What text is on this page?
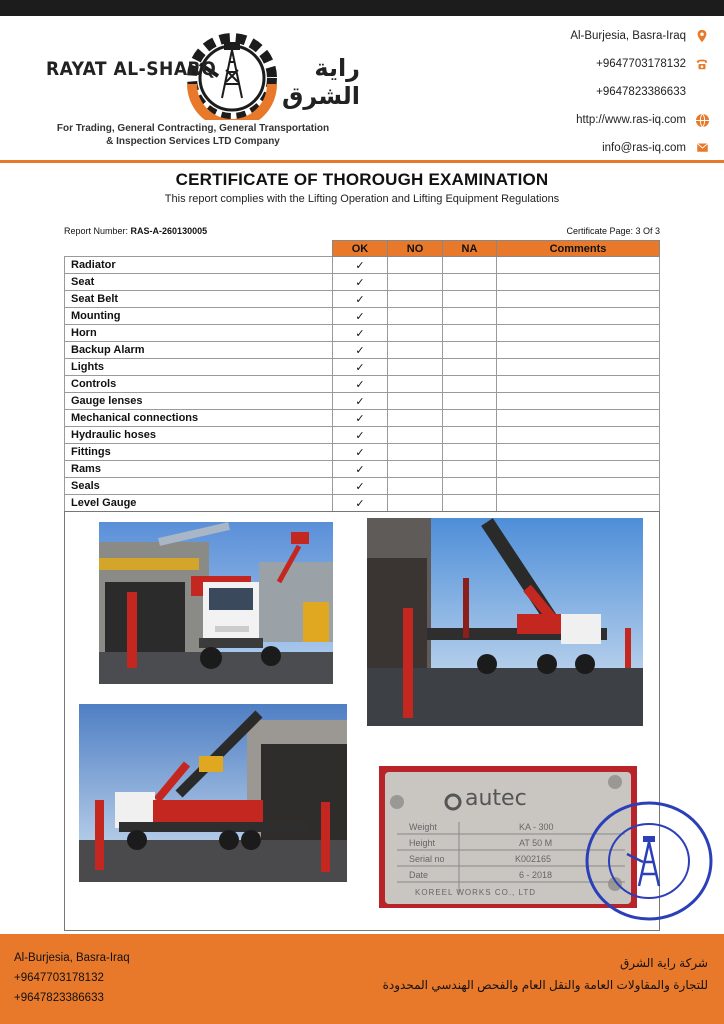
RAYAT AL-SHARQ	راية الشرق
For Trading, General Contracting, General Transportation
& Inspection Services LTD Company
Al-Burjesia, Basra-Iraq
+9647703178132
+9647823386633
http://www.ras-iq.com
info@ras-iq.com
CERTIFICATE OF THOROUGH EXAMINATION
This report complies with the Lifting Operation and Lifting Equipment Regulations
Report Number: RAS-A-260130005	Certificate Page: 3 Of 3
	OK	NO	NA	Comments
Radiator	✓			
Seat	✓			
Seat Belt	✓			
Mounting	✓			
Horn	✓			
Backup Alarm	✓			
Lights	✓			
Controls	✓			
Gauge lenses	✓			
Mechanical connections	✓			
Hydraulic hoses	✓			
Fittings	✓			
Rams	✓			
Seals	✓			
Level Gauge	✓			
autec
Weight	KA - 300
Height	AT 50 M
Serial no	K002165
Date	6 - 2018
KOREEL WORKS CO., LTD
Al-Burjesia, Basra-Iraq
+9647703178132
+9647823386633
شركة راية الشرق
للتجارة والمقاولات العامة والنقل العام والفحص الهندسي المحدودة
